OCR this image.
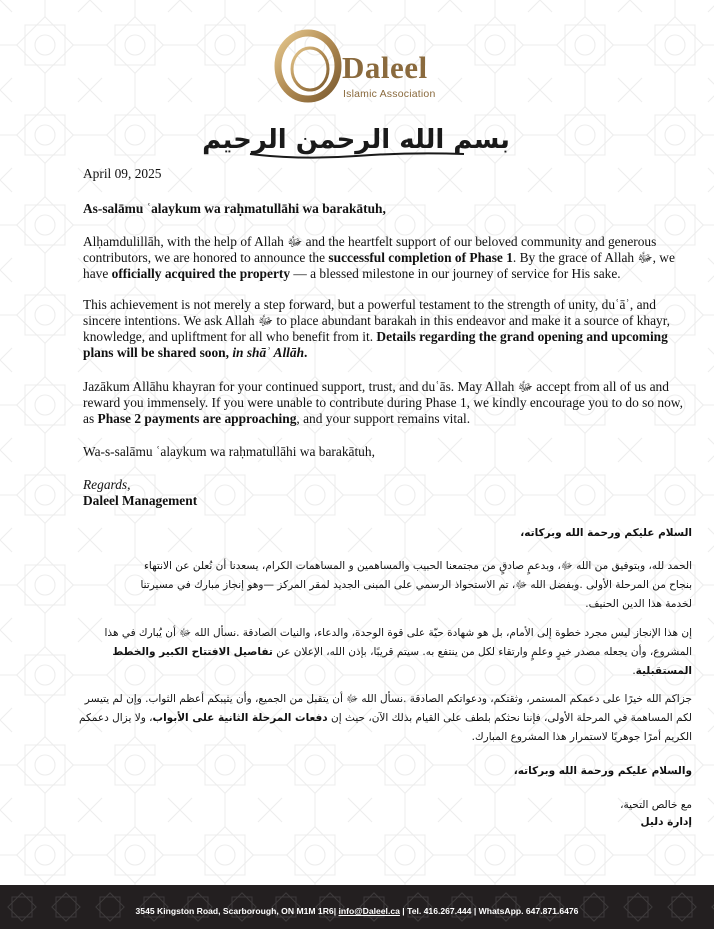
Daleel
Islamic Association
بسم الله الرحمن الرحيم
April 09, 2025
As-salāmu ʿalaykum wa raḥmatullāhi wa barakātuh,
Alḥamdulillāh, with the help of Allah ﷻ and the heartfelt support of our beloved community and generous contributors, we are honored to announce the successful completion of Phase 1. By the grace of Allah ﷻ, we have officially acquired the property — a blessed milestone in our journey of service for His sake.
This achievement is not merely a step forward, but a powerful testament to the strength of unity, duʿāʾ, and sincere intentions. We ask Allah ﷻ to place abundant barakah in this endeavor and make it a source of khayr, knowledge, and upliftment for all who benefit from it. Details regarding the grand opening and upcoming plans will be shared soon, in shāʾ Allāh.
Jazākum Allāhu khayran for your continued support, trust, and duʿās. May Allah ﷻ accept from all of us and reward you immensely. If you were unable to contribute during Phase 1, we kindly encourage you to do so now, as Phase 2 payments are approaching, and your support remains vital.
Wa-s-salāmu ʿalaykum wa raḥmatullāhi wa barakātuh,
Regards,
Daleel Management
السلام عليكم ورحمة الله وبركاته،
الحمد لله، وبتوفيق من الله ﷻ، وبدعمٍ صادقٍ من مجتمعنا الحبيب والمساهمين و المساهمات الكرام، يسعدنا أن نُعلن عن الانتهاء
بنجاح من المرحلة الأولى .وبفضل الله ﷻ، تم الاستحواذ الرسمي على المبنى الجديد لمقر المركز —وهو إنجاز مبارك في مسيرتنا
لخدمة هذا الدين الحنيف.
إن هذا الإنجاز ليس مجرد خطوة إلى الأمام، بل هو شهادة حيّة على قوة الوحدة، والدعاء، والنيات الصادقة .نسأل الله ﷻ أن يُبارك في هذا المشروع، وأن يجعله مصدر خيرٍ وعلمٍ وارتقاء لكل من ينتفع به. سيتم قريبًا، بإذن الله، الإعلان عن تفاصيل الافتتاح الكبير والخطط المستقبلية.
جزاكم الله خيرًا على دعمكم المستمر، وثقتكم، ودعواتكم الصادقة .نسأل الله ﷻ أن يتقبل من الجميع، وأن يثيبكم أعظم الثواب. وإن لم يتيسر لكم المساهمة في المرحلة الأولى، فإننا نحثكم بلطف على القيام بذلك الآن، حيث إن دفعات المرحلة الثانية على الأبواب، ولا يزال دعمكم الكريم أمرًا جوهريًا لاستمرار هذا المشروع المبارك.
والسلام عليكم ورحمة الله وبركاته،
مع خالص التحية،
إدارة دليل
3545 Kingston Road, Scarborough, ON M1M 1R6| info@Daleel.ca | Tel. 416.267.444 | WhatsApp. 647.871.6476
